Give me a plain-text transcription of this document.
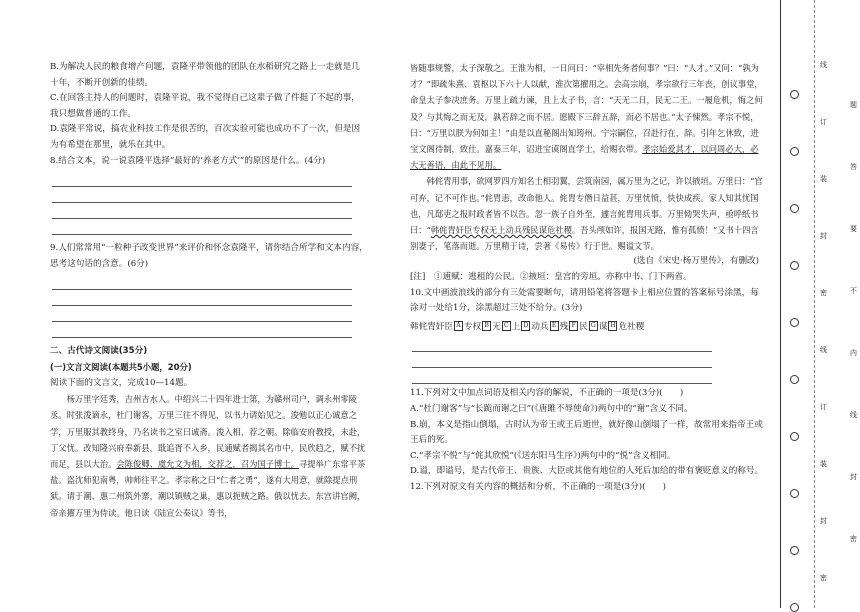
B.为解决人民的粮食增产问题，袁隆平带领他的团队在水稻研究之路上一走就是几十年，不断开创新的佳绩。

C.在回答主持人的问题时，袁隆平说，我不觉得自己这辈子做了件挺了不起的事，我只想做普通的工作。

D.袁隆平常说，搞农业科技工作是很苦的，百次实验可能也成功不了一次，但是因为有希望在那里，就乐在其中。

8.结合文本，说一说袁隆平选择“最好的‘养老方式’”的原因是什么。(4分)

9.人们常常用“一粒种子改变世界”来评价和怀念袁隆平，请你结合所学和文本内容，思考这句话的含意。(6分)

二、古代诗文阅读(35分)

(一)文言文阅读(本题共5小题，20分)

阅读下面的文言文，完成10—14题。

杨万里字廷秀，吉州吉水人。中绍兴二十四年进士第，为赣州司户，调永州零陵丞。时张浚谪永，杜门谢客，万里三往不得见，以书力请始见之。浚勉以正心诚意之学，万里服其教终身，乃名读书之室曰诚斋。浚入相，荐之朝。除临安府教授，未赴，丁父忧。改知隆兴府奉新县，戢追胥不入乡，民逋赋者揭其名市中，民欣趋之，赋不扰而足，县以大治。会陈俊卿、虞允文为相，交荐之，召为国子博士。寻提举广东常平茶盐。盗沈师犯南粤，帅师往平之。孝宗称之曰“仁者之勇”，遂有大用意，就除提点刑狱。请于潮、惠二州筑外寨，潮以镇贼之巢，惠以扼贼之路。俄以忧去。东宫讲官阙，帝亲擢万里为侍读。他日读《陆宣公奏议》等书，

皆随事规警，太子深敬之。王淮为相，一日问曰：“宰相先务者何事？”曰：“人才。”又问：“孰为才？”即疏朱熹、袁枢以下六十人以献，淮次第擢用之。会高宗崩，孝宗欲行三年丧，创议事堂，命皇太子参决庶务。万里上疏力谏，且上太子书，言：“天无二日，民无二王。一履危机，悔之何及？与其悔之而无及，孰若辞之而不居。愿殿下三辞五辞，而必不居也。”太子悚然。孝宗不悦，曰：“万里以朕为何如主！”由是以直秘阁出知筠州。宁宗嗣位，召赴行在，辞。引年乞休致，进宝文阁待制，致仕。嘉泰三年，诏进宝谟阁直学士，给赐衣带。孝宗始爱其才，以问周必大，必大无善语，由此不见用。

韩侂胄用事，欲网罗四方知名士相羽翼，尝筑南园，属万里为之记，许以掖垣。万里曰：“官可弃，记不可作也。”侂胄恚，改命他人。侂胄专僭日益甚，万里忧愤，快快成疾。家人知其忧国也，凡邸吏之报时政者皆不以告。忽一族子自外至，遽言侂胄用兵事。万里恸哭失声，亟呼纸书曰：“韩侂胄奸臣专权无上动兵残民谋危社稷。吾头颅如许，报国无路，惟有孤愤！”又书十四言别妻子，笔落而逝。万里精于诗，尝著《易传》行于世。赐谥文节。

(选自《宋史·杨万里传》，有删改)

[注]　①逋赋：逃租的公民。②掖垣：皇宫的旁垣。亦称中书、门下两省。

10.文中画波浪线的部分有三处需要断句，请用铅笔将答题卡上相应位置的答案标号涂黑，每涂对一处给1分，涂黑超过三处不给分。(3分)

韩侂胄奸臣 A 专权 B 无 C 上 D 动兵 E 残 F 民 G 谋 H 危社稷

11.下列对文中加点词语及相关内容的解说，不正确的一项是(3分)(　　)

A.“杜门谢客”与“长跪而谢之曰”(《唐雎不辱使命》)两句中的“谢”含义不同。

B.崩，本义是指山倒塌，古时认为帝王或王后逝世，就好像山倒塌了一样，故常用来指帝王或王后的死。

C.“孝宗不悦”与“侂其欣悦”(《送东阳马生序》)两句中的“悦”含义相同。

D.谥，即谥号，是古代帝王、贵族、大臣或其他有地位的人死后加给的带有褒贬意义的称号。

12.下列对原文有关内容的概括和分析，不正确的一项是(3分)(　　)

线
订
装
封
密
线
订
装
封
密
题
答
要
不
内
线
封
密
